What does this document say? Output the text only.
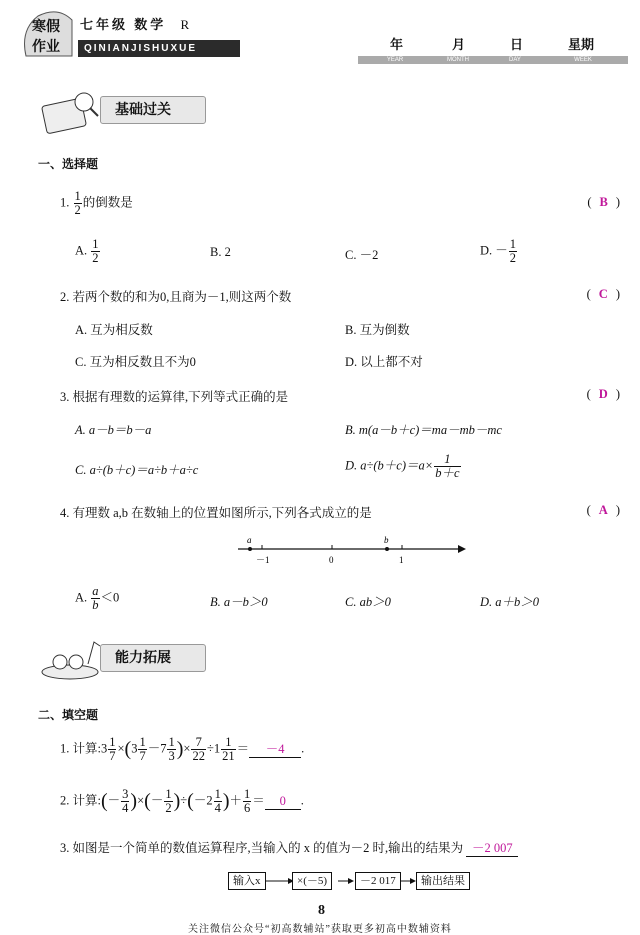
寒假
作业
七年级 数学 R
QINIANJISHUXUE	年	月	日	星期
YEAR	MONTH	DAY	WEEK
基础过关
一、选择题
1. $\frac{1}{2}$ 的倒数是	( B )
A. $\frac{1}{2}$	B. 2	C. －2	D. － $\frac{1}{2}$
2. 若两个数的和为0,且商为－1,则这两个数	( C )
A. 互为相反数	B. 互为倒数
C. 互为相反数且不为0	D. 以上都不对
3. 根据有理数的运算律,下列等式正确的是	( D )
A. a－b＝b－a	B. m(a－b＋c)＝ma－mb－mc
C. a÷(b＋c)＝a÷b＋a÷c	D. $a\div(b+c)=a\times \frac{1}{b+c}$
4. 有理数 a,b 在数轴上的位置如图所示,下列各式成立的是	( A )
a	b
－1	0	1
A. $\frac{a}{b} <0$	B. a－b＞0	C. ab＞0	D. a＋b＞0
能力拓展
二、填空题
1. 计算:3 $\frac{1}{7} \times(3 \frac{1}{7} -7 \frac{1}{3}$ )× $\frac{7}{22} \div 1 \frac{1}{21} = -4$ .
2. 计算:(－ $\frac{3}{4}$ )×(－ $\frac{1}{2} )\div(-2 \frac{1}{4}$ )＋ $\frac{1}{6} = 0$ .
3. 如图是一个简单的数值运算程序,当输入的 x 的值为－2 时,输出的结果为 －2 007
输入x	×(－5)	－2 017	输出结果
8
关注微信公众号“初高数辅站”获取更多初高中数辅资料
